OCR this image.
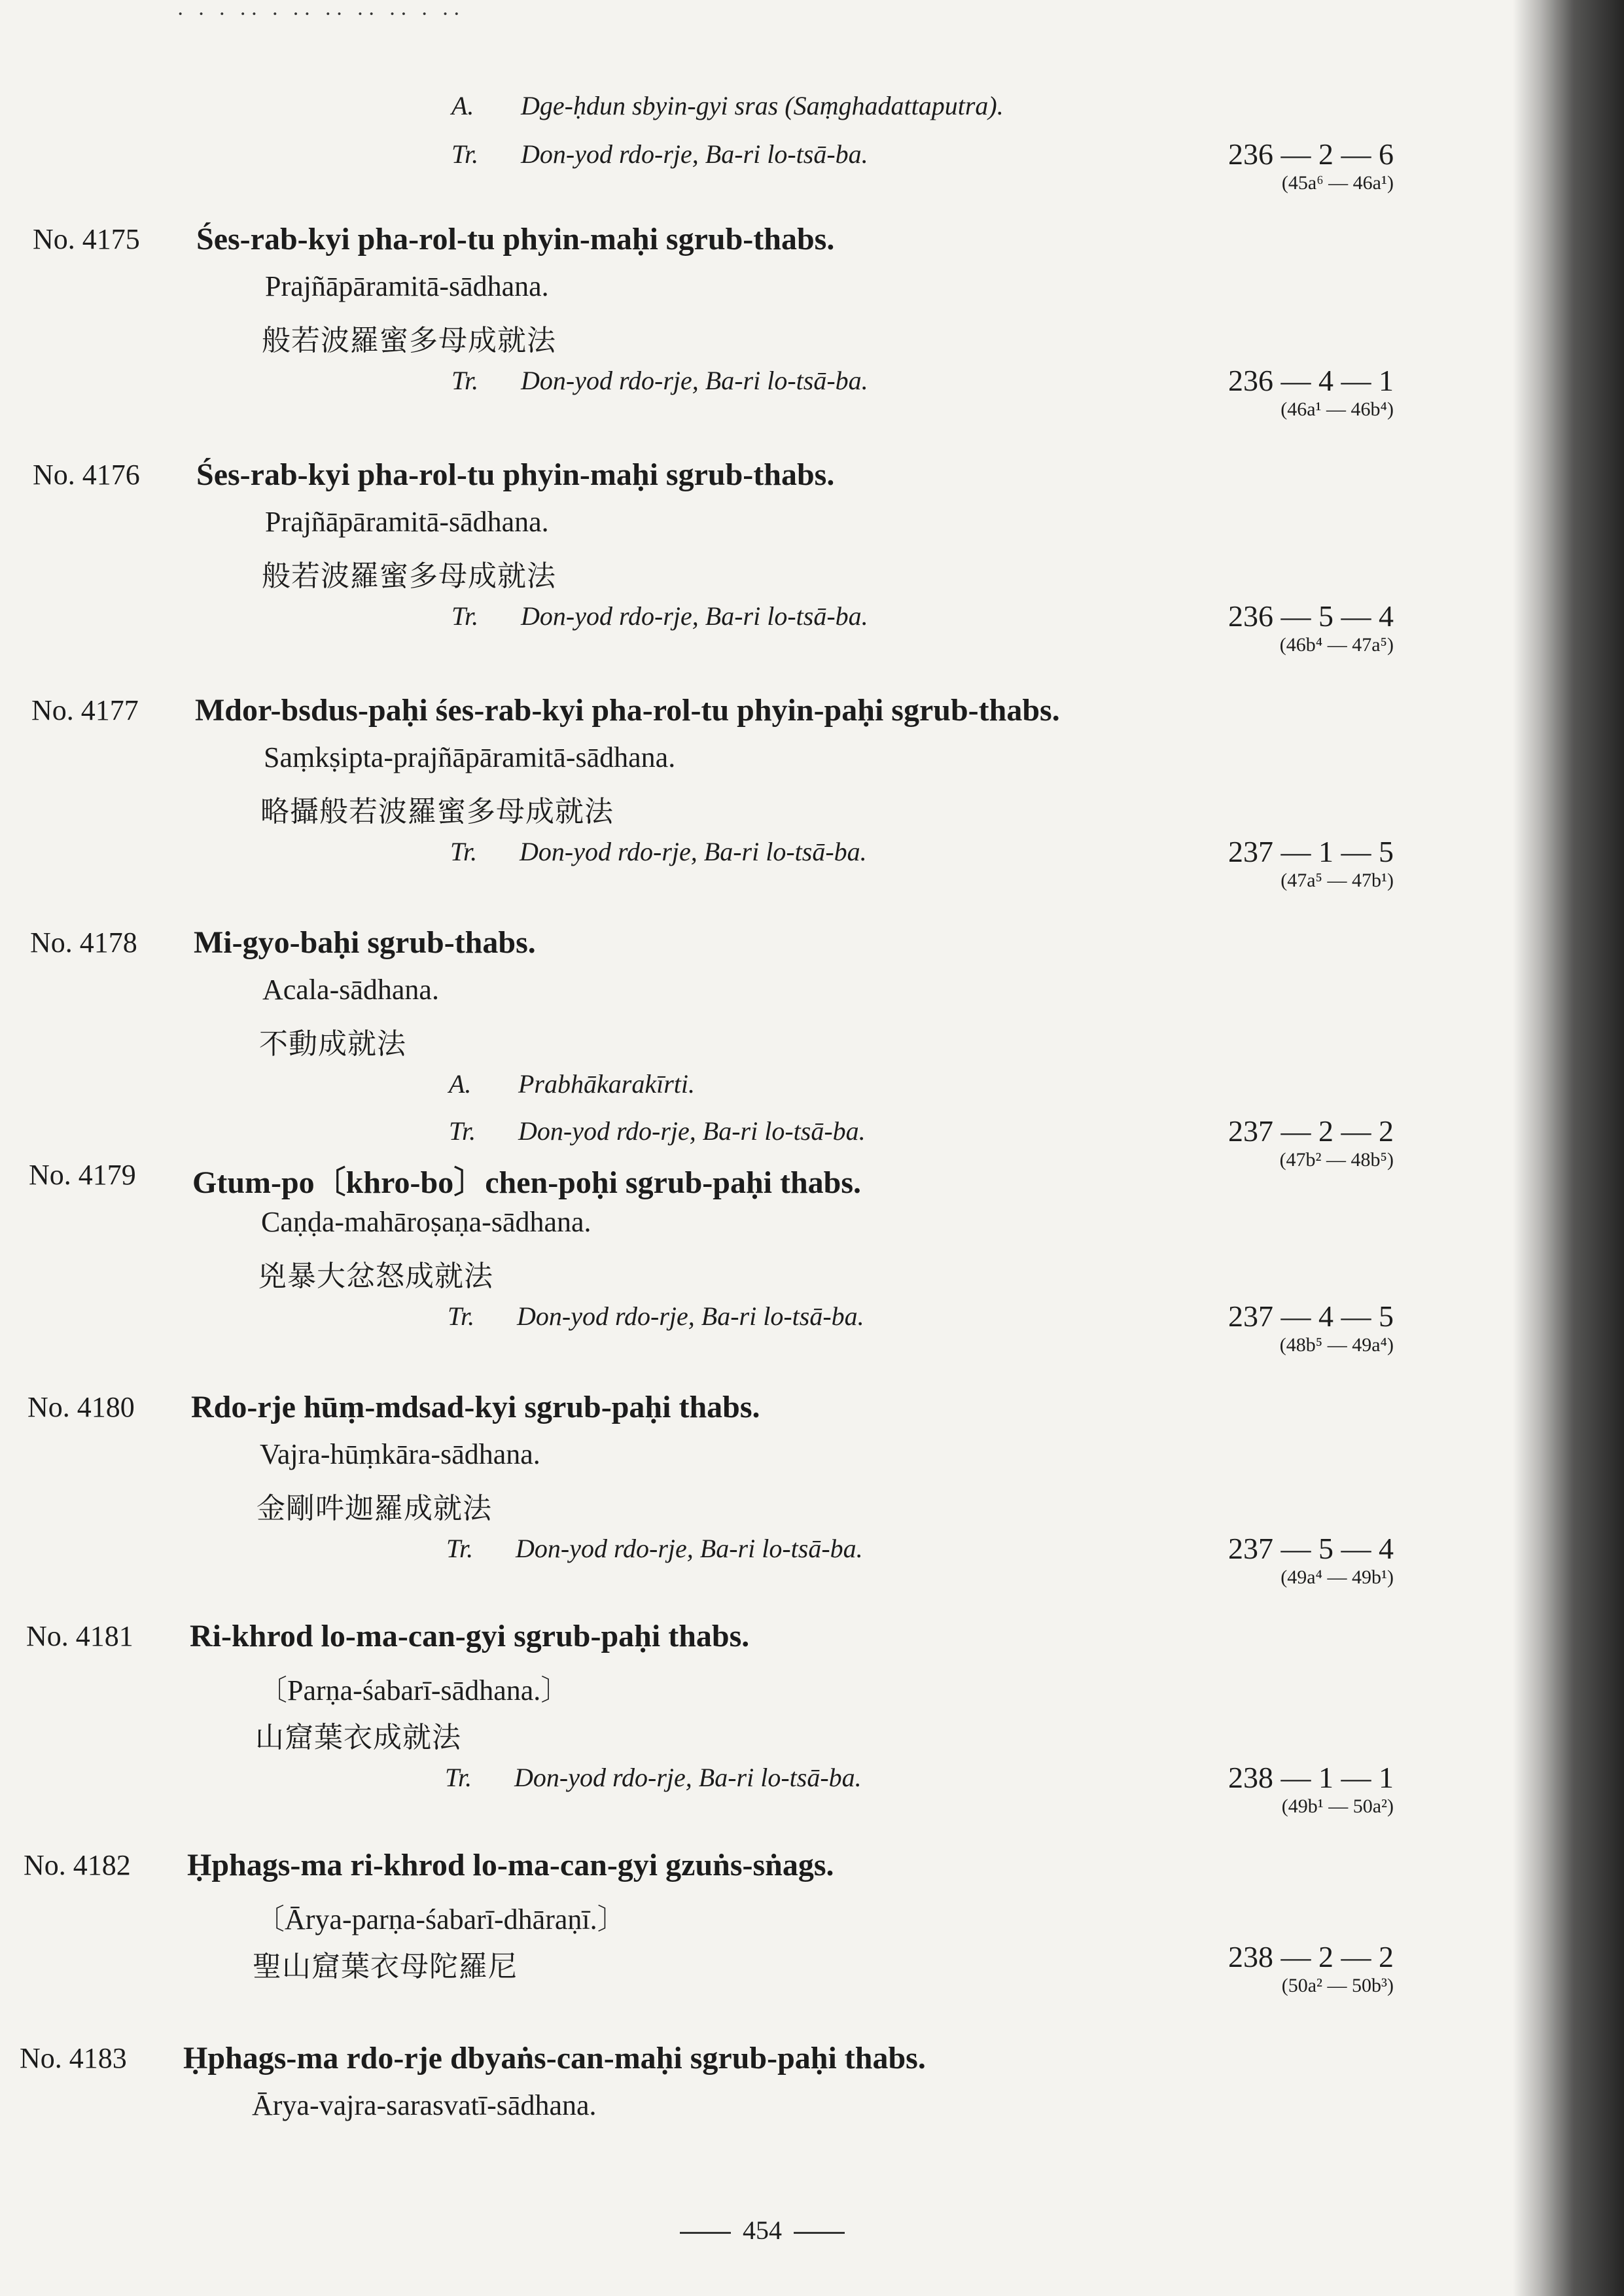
· · · ·· · ·· ·· ·· ·· · ··
A. Dge-ḥdun sbyin-gyi sras (Saṃghadattaputra).
Tr. Don-yod rdo-rje, Ba-ri lo-tsā-ba.	236 — 2 — 6
(45a⁶ — 46a¹)
No. 4175 Śes-rab-kyi pha-rol-tu phyin-maḥi sgrub-thabs.
Prajñāpāramitā-sādhana.
般若波羅蜜多母成就法
Tr. Don-yod rdo-rje, Ba-ri lo-tsā-ba.	236 — 4 — 1
(46a¹ — 46b⁴)
No. 4176 Śes-rab-kyi pha-rol-tu phyin-maḥi sgrub-thabs.
Prajñāpāramitā-sādhana.
般若波羅蜜多母成就法
Tr. Don-yod rdo-rje, Ba-ri lo-tsā-ba.	236 — 5 — 4
(46b⁴ — 47a⁵)
No. 4177 Mdor-bsdus-paḥi śes-rab-kyi pha-rol-tu phyin-paḥi sgrub-thabs.
Saṃkṣipta-prajñāpāramitā-sādhana.
略攝般若波羅蜜多母成就法
Tr. Don-yod rdo-rje, Ba-ri lo-tsā-ba.	237 — 1 — 5
(47a⁵ — 47b¹)
No. 4178 Mi-gyo-baḥi sgrub-thabs.
Acala-sādhana.
不動成就法
A. Prabhākarakīrti.
Tr. Don-yod rdo-rje, Ba-ri lo-tsā-ba.	237 — 2 — 2
(47b² — 48b⁵)
No. 4179 Gtum-po〔khro-bo〕chen-poḥi sgrub-paḥi thabs.
Caṇḍa-mahāroṣaṇa-sādhana.
兇暴大忿怒成就法
Tr. Don-yod rdo-rje, Ba-ri lo-tsā-ba.	237 — 4 — 5
(48b⁵ — 49a⁴)
No. 4180 Rdo-rje hūṃ-mdsad-kyi sgrub-paḥi thabs.
Vajra-hūṃkāra-sādhana.
金剛吽迦羅成就法
Tr. Don-yod rdo-rje, Ba-ri lo-tsā-ba.	237 — 5 — 4
(49a⁴ — 49b¹)
No. 4181 Ri-khrod lo-ma-can-gyi sgrub-paḥi thabs.
〔Parṇa-śabarī-sādhana.〕
山窟葉衣成就法
Tr. Don-yod rdo-rje, Ba-ri lo-tsā-ba.	238 — 1 — 1
(49b¹ — 50a²)
No. 4182 Ḥphags-ma ri-khrod lo-ma-can-gyi gzuṅs-sṅags.
〔Ārya-parṇa-śabarī-dhāraṇī.〕
聖山窟葉衣母陀羅尼	238 — 2 — 2
(50a² — 50b³)
No. 4183 Ḥphags-ma rdo-rje dbyaṅs-can-maḥi sgrub-paḥi thabs.
Ārya-vajra-sarasvatī-sādhana.
454
